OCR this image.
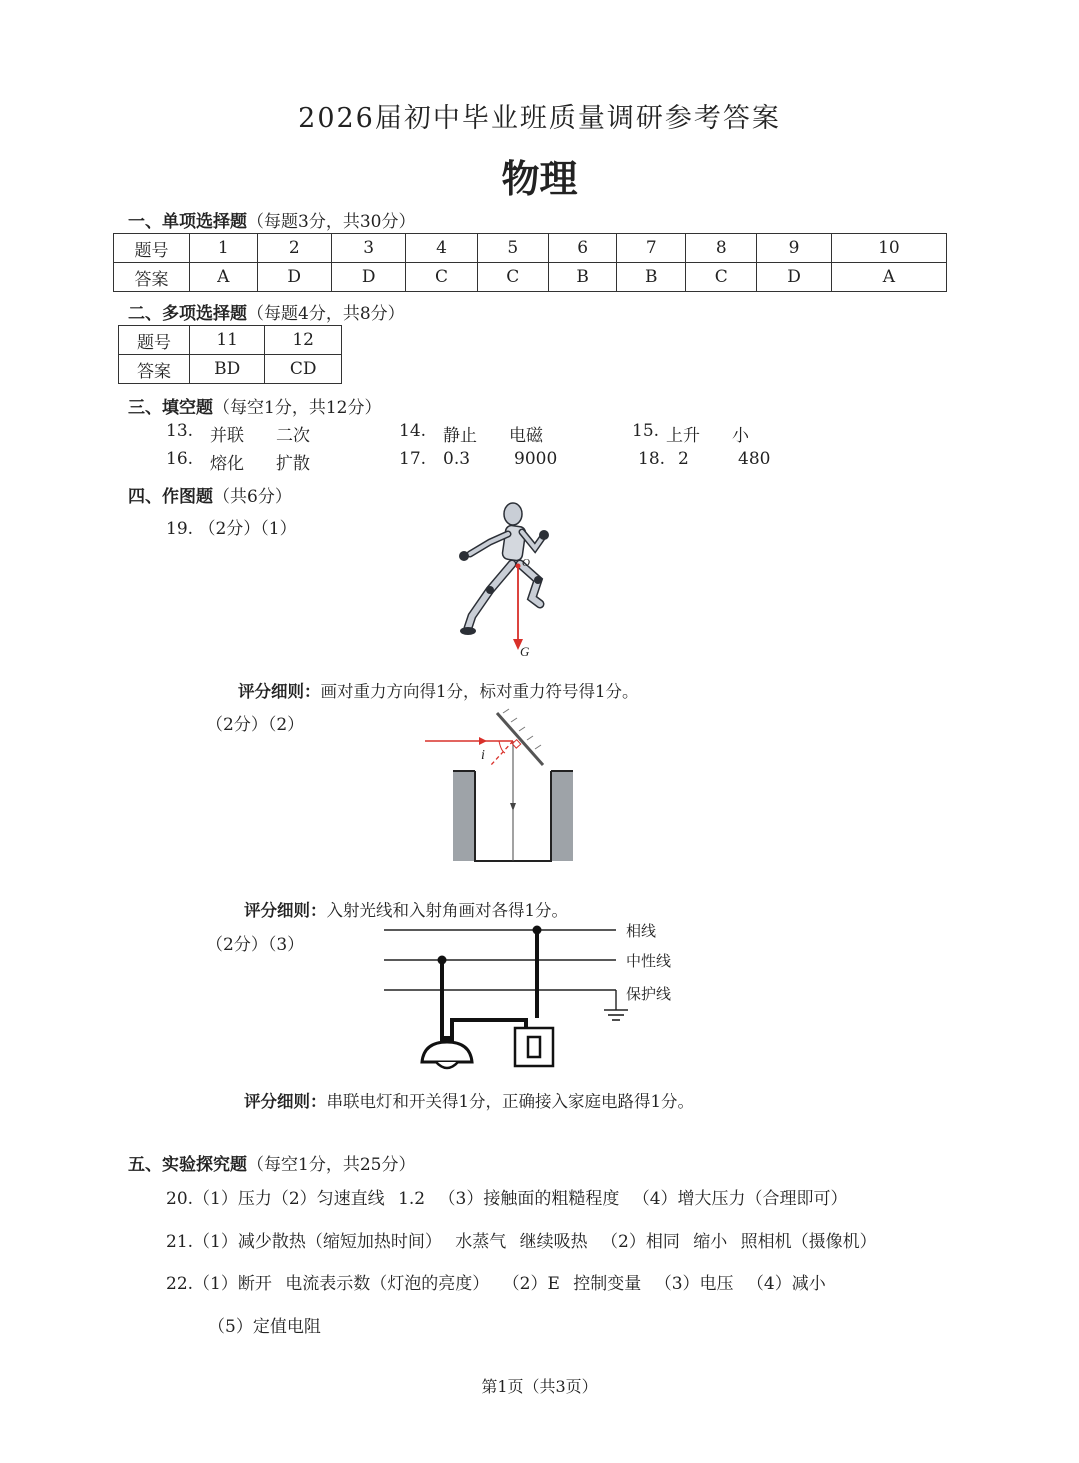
2026届初中毕业班质量调研参考答案
物理
一、单项选择题（每题3分，共30分）
题号	1	2	3	4	5	6	7	8	9	10
答案	A	D	D	C	C	B	B	C	D	A
二、多项选择题（每题4分，共8分）
题号	11	12
答案	BD	CD
三、填空题（每空1分，共12分）
13. 并联 二次	14. 静止 电磁	15. 上升 小
16. 熔化 扩散	17. 0.3	9000	18. 2	480
四、作图题（共6分）
19. （2分）（1）
O
G
评分细则：画对重力方向得1分，标对重力符号得1分。
（2分）（2）
i
评分细则：入射光线和入射角画对各得1分。
（2分）（3）
相线
中性线
保护线
评分细则：串联电灯和开关得1分，正确接入家庭电路得1分。
五、实验探究题（每空1分，共25分）
20.（1）压力（2）匀速直线 1.2 （3）接触面的粗糙程度 （4）增大压力（合理即可）
21.（1）减少散热（缩短加热时间） 水蒸气 继续吸热 （2）相同 缩小 照相机（摄像机）
22.（1）断开 电流表示数（灯泡的亮度） （2）E 控制变量 （3）电压 （4）减小
（5）定值电阻
第1页（共3页）
